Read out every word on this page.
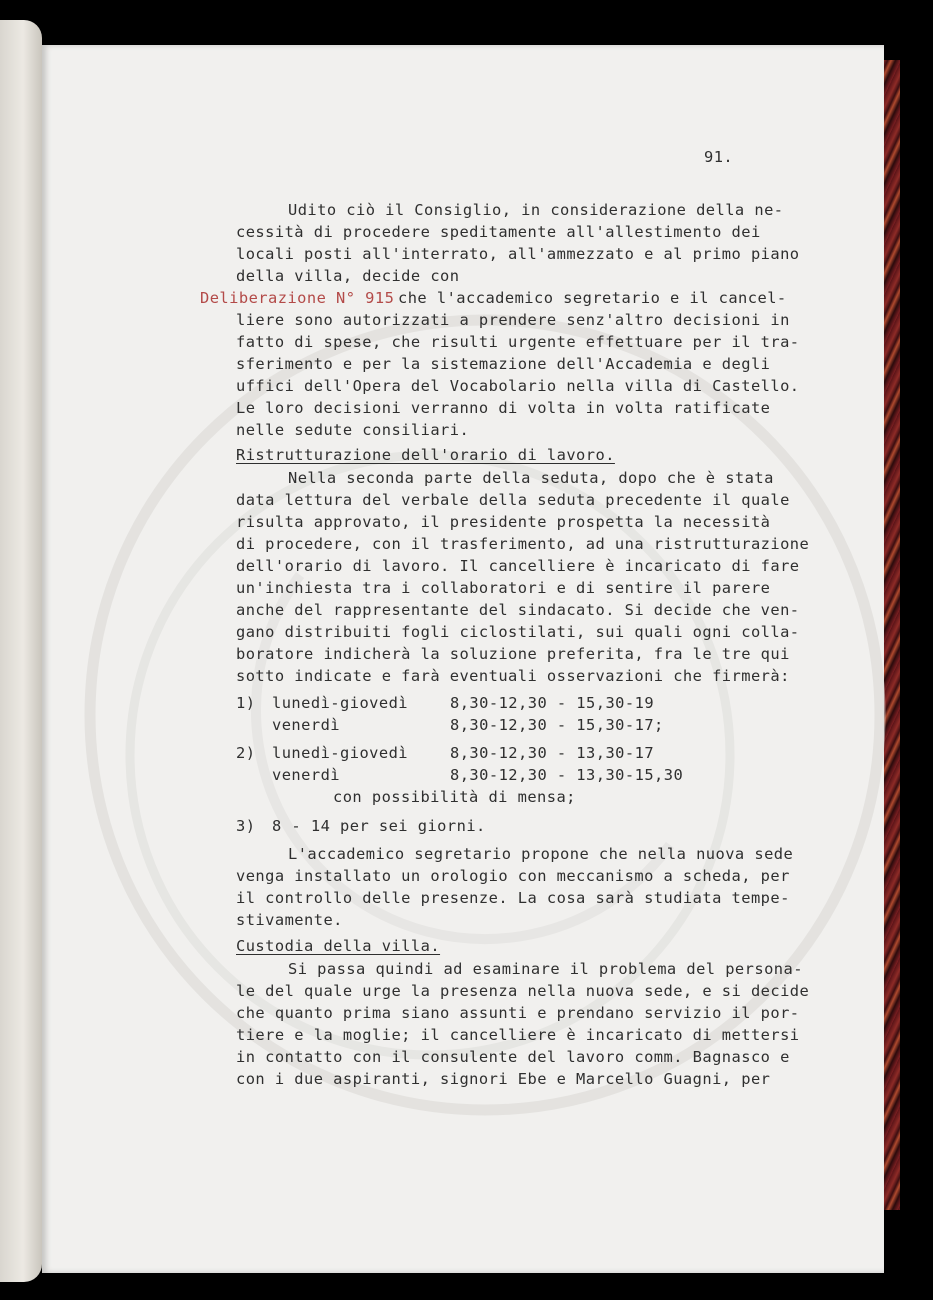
91.
Udito ciò il Consiglio, in considerazione della ne-
cessità di procedere speditamente all'allestimento dei
locali posti all'interrato, all'ammezzato e al primo piano
della villa, decide con
Deliberazione N° 915 che l'accademico segretario e il cancel-
liere sono autorizzati a prendere senz'altro decisioni in
fatto di spese, che risulti urgente effettuare per il tra-
sferimento e per la sistemazione dell'Accademia e degli
uffici dell'Opera del Vocabolario nella villa di Castello.
Le loro decisioni verranno di volta in volta ratificate
nelle sedute consiliari.
Ristrutturazione dell'orario di lavoro.
Nella seconda parte della seduta, dopo che è stata
data lettura del verbale della seduta precedente il quale
risulta approvato, il presidente prospetta la necessità
di procedere, con il trasferimento, ad una ristrutturazione
dell'orario di lavoro. Il cancelliere è incaricato di fare
un'inchiesta tra i collaboratori e di sentire il parere
anche del rappresentante del sindacato. Si decide che ven-
gano distribuiti fogli ciclostilati, sui quali ogni colla-
boratore indicherà la soluzione preferita, fra le tre qui
sotto indicate e farà eventuali osservazioni che firmerà:
1) lunedì-giovedì	8,30-12,30 - 15,30-19
venerdì	8,30-12,30 - 15,30-17;
2) lunedì-giovedì	8,30-12,30 - 13,30-17
venerdì	8,30-12,30 - 13,30-15,30
con possibilità di mensa;
3) 8 - 14 per sei giorni.
L'accademico segretario propone che nella nuova sede
venga installato un orologio con meccanismo a scheda, per
il controllo delle presenze. La cosa sarà studiata tempe-
stivamente.
Custodia della villa.
Si passa quindi ad esaminare il problema del persona-
le del quale urge la presenza nella nuova sede, e si decide
che quanto prima siano assunti e prendano servizio il por-
tiere e la moglie; il cancelliere è incaricato di mettersi
in contatto con il consulente del lavoro comm. Bagnasco e
con i due aspiranti, signori Ebe e Marcello Guagni, per
